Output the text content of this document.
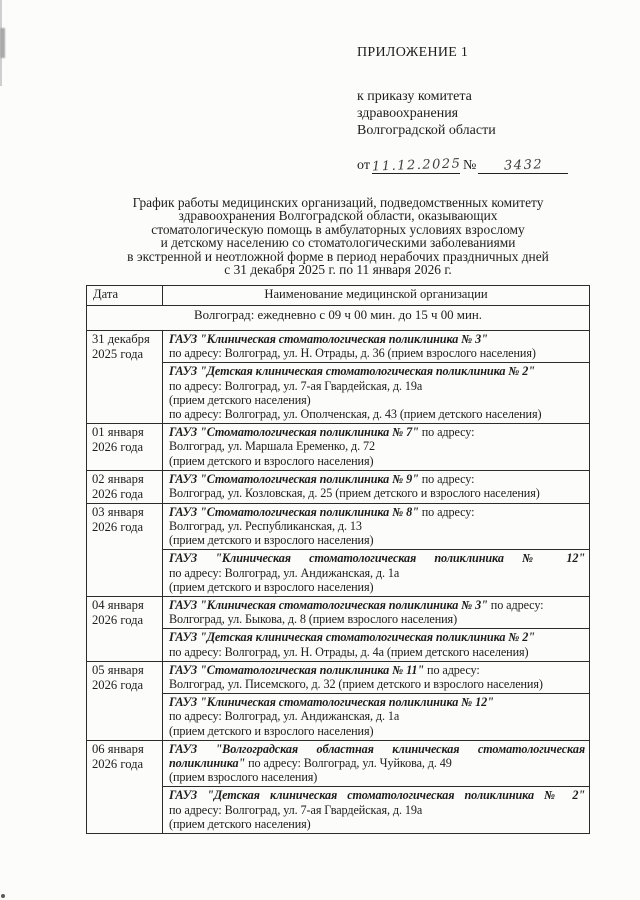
ПРИЛОЖЕНИЕ 1
к приказу комитета
здравоохранения
Волгоградской области
от 11.12.2025 №	3432
График работы медицинских организаций, подведомственных комитету
здравоохранения Волгоградской области, оказывающих
стоматологическую помощь в амбулаторных условиях взрослому
и детскому населению со стоматологическими заболеваниями
в экстренной и неотложной форме в период нерабочих праздничных дней
с 31 декабря 2025 г. по 11 января 2026 г.
Дата	Наименование медицинской организации
Волгоград: ежедневно с 09 ч 00 мин. до 15 ч 00 мин.	
31 декабря 2025 года	ГАУЗ "Клиническая стоматологическая поликлиника № 3"
по адресу: Волгоград, ул. Н. Отрады, д. 36 (прием взрослого населения)

	ГАУЗ "Детская клиническая стоматологическая поликлиника № 2"
по адресу: Волгоград, ул. 7-ая Гвардейская, д. 19а
(прием детского населения)
по адресу: Волгоград, ул. Ополченская, д. 43 (прием детского населения)

01 января 2026 года	ГАУЗ "Стоматологическая поликлиника № 7" по адресу:
Волгоград, ул. Маршала Еременко, д. 72
(прием детского и взрослого населения)

02 января 2026 года	ГАУЗ "Стоматологическая поликлиника № 9" по адресу:
Волгоград, ул. Козловская, д. 25 (прием детского и взрослого населения)

03 января 2026 года	ГАУЗ "Стоматологическая поликлиника № 8" по адресу:
Волгоград, ул. Республиканская, д. 13
(прием детского и взрослого населения)

	ГАУЗ "Клиническая стоматологическая поликлиника № 12"
по адресу: Волгоград, ул. Андижанская, д. 1а
(прием детского и взрослого населения)

04 января 2026 года	ГАУЗ "Клиническая стоматологическая поликлиника № 3" по адресу:
Волгоград, ул. Быкова, д. 8 (прием взрослого населения)

	ГАУЗ "Детская клиническая стоматологическая поликлиника № 2"
по адресу: Волгоград, ул. Н. Отрады, д. 4а (прием детского населения)

05 января 2026 года	ГАУЗ "Стоматологическая поликлиника № 11" по адресу:
Волгоград, ул. Писемского, д. 32 (прием детского и взрослого населения)

	ГАУЗ "Клиническая стоматологическая поликлиника № 12"
по адресу: Волгоград, ул. Андижанская, д. 1а
(прием детского и взрослого населения)

06 января 2026 года	ГАУЗ "Волгоградская областная клиническая стоматологическая поликлиника" по адресу: Волгоград, ул. Чуйкова, д. 49
(прием взрослого населения)

	ГАУЗ "Детская клиническая стоматологическая поликлиника № 2"
по адресу: Волгоград, ул. 7-ая Гвардейская, д. 19а
(прием детского населения)
